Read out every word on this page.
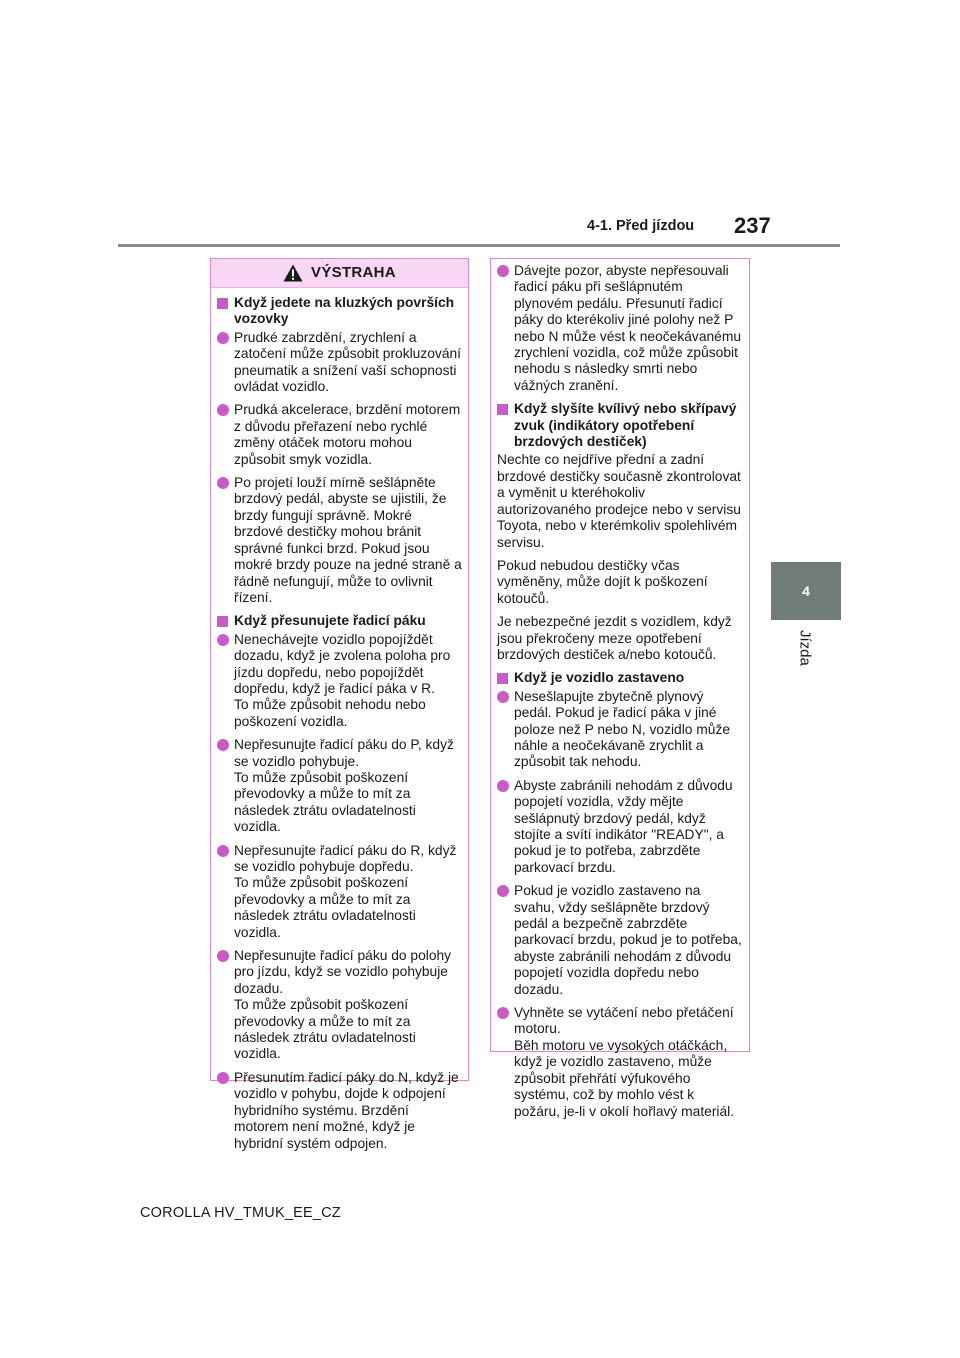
4-1. Před jízdou 237
4
Jízda
VÝSTRAHA
Když jedete na kluzkých površích vozovky
Prudké zabrzdění, zrychlení a zatočení může způsobit prokluzování pneumatik a snížení vaší schopnosti ovládat vozidlo.
Prudká akcelerace, brzdění motorem z důvodu přeřazení nebo rychlé změny otáček motoru mohou způsobit smyk vozidla.
Po projetí louží mírně sešlápněte brzdový pedál, abyste se ujistili, že brzdy fungují správně. Mokré brzdové destičky mohou bránit správné funkci brzd. Pokud jsou mokré brzdy pouze na jedné straně a řádně nefungují, může to ovlivnit řízení.
Když přesunujete řadicí páku
Nenechávejte vozidlo popojíždět dozadu, když je zvolena poloha pro jízdu dopředu, nebo popojíždět dopředu, když je řadicí páka v R.
To může způsobit nehodu nebo poškození vozidla.
Nepřesunujte řadicí páku do P, když se vozidlo pohybuje.
To může způsobit poškození převodovky a může to mít za následek ztrátu ovladatelnosti vozidla.
Nepřesunujte řadicí páku do R, když se vozidlo pohybuje dopředu.
To může způsobit poškození převodovky a může to mít za následek ztrátu ovladatelnosti vozidla.
Nepřesunujte řadicí páku do polohy pro jízdu, když se vozidlo pohybuje dozadu.
To může způsobit poškození převodovky a může to mít za následek ztrátu ovladatelnosti vozidla.
Přesunutím řadicí páky do N, když je vozidlo v pohybu, dojde k odpojení hybridního systému. Brzdění motorem není možné, když je hybridní systém odpojen.
Dávejte pozor, abyste nepřesouvali řadicí páku při sešlápnutém plynovém pedálu. Přesunutí řadicí páky do kterékoliv jiné polohy než P nebo N může vést k neočekávanému zrychlení vozidla, což může způsobit nehodu s následky smrti nebo vážných zranění.
Když slyšíte kvílivý nebo skřípavý zvuk (indikátory opotřebení brzdových destiček)
Nechte co nejdříve přední a zadní brzdové destičky současně zkontrolovat a vyměnit u kteréhokoliv autorizovaného prodejce nebo v servisu Toyota, nebo v kterémkoliv spolehlivém servisu.
Pokud nebudou destičky včas vyměněny, může dojít k poškození kotoučů.
Je nebezpečné jezdit s vozidlem, když jsou překročeny meze opotřebení brzdových destiček a/nebo kotoučů.
Když je vozidlo zastaveno
Nesešlapujte zbytečně plynový pedál. Pokud je řadicí páka v jiné poloze než P nebo N, vozidlo může náhle a neočekávaně zrychlit a způsobit tak nehodu.
Abyste zabránili nehodám z důvodu popojetí vozidla, vždy mějte sešlápnutý brzdový pedál, když stojíte a svítí indikátor "READY", a pokud je to potřeba, zabrzděte parkovací brzdu.
Pokud je vozidlo zastaveno na svahu, vždy sešlápněte brzdový pedál a bezpečně zabrzděte parkovací brzdu, pokud je to potřeba, abyste zabránili nehodám z důvodu popojetí vozidla dopředu nebo dozadu.
Vyhněte se vytáčení nebo přetáčení motoru.
Běh motoru ve vysokých otáčkách, když je vozidlo zastaveno, může způsobit přehřátí výfukového systému, což by mohlo vést k požáru, je-li v okolí hořlavý materiál.
COROLLA HV_TMUK_EE_CZ
